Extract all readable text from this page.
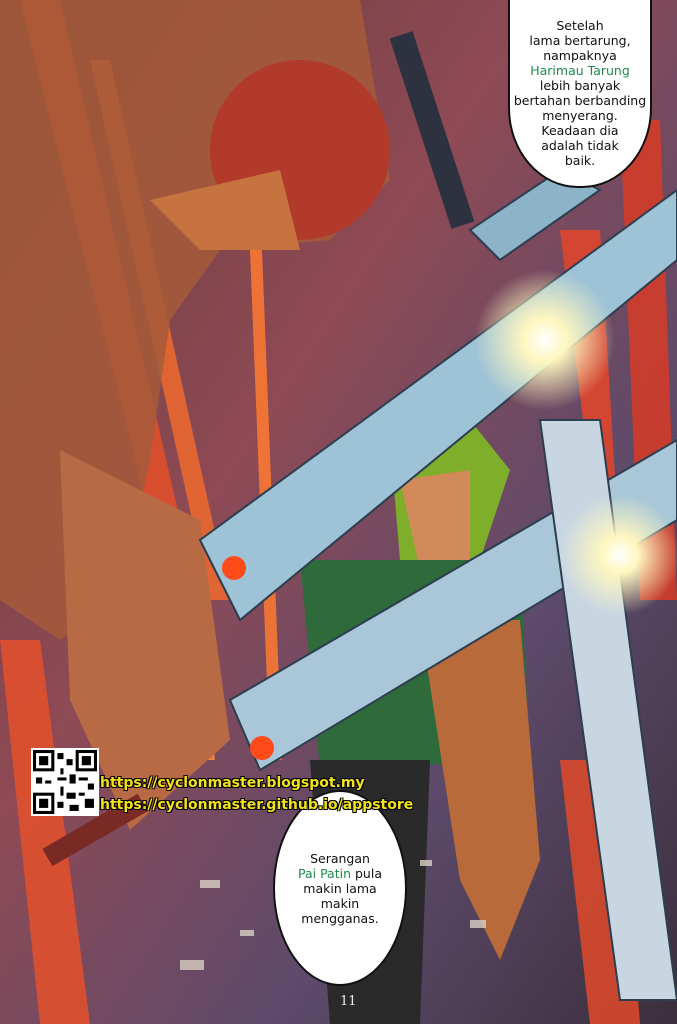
Setelah
lama bertarung,
nampaknya
Harimau Tarung
lebih banyak
bertahan berbanding
menyerang.
Keadaan dia
adalah tidak
baik.
Serangan
Pai Patin pula
makin lama
makin
mengganas.
https://cyclonmaster.blogspot.my
https://cyclonmaster.github.io/appstore
11
